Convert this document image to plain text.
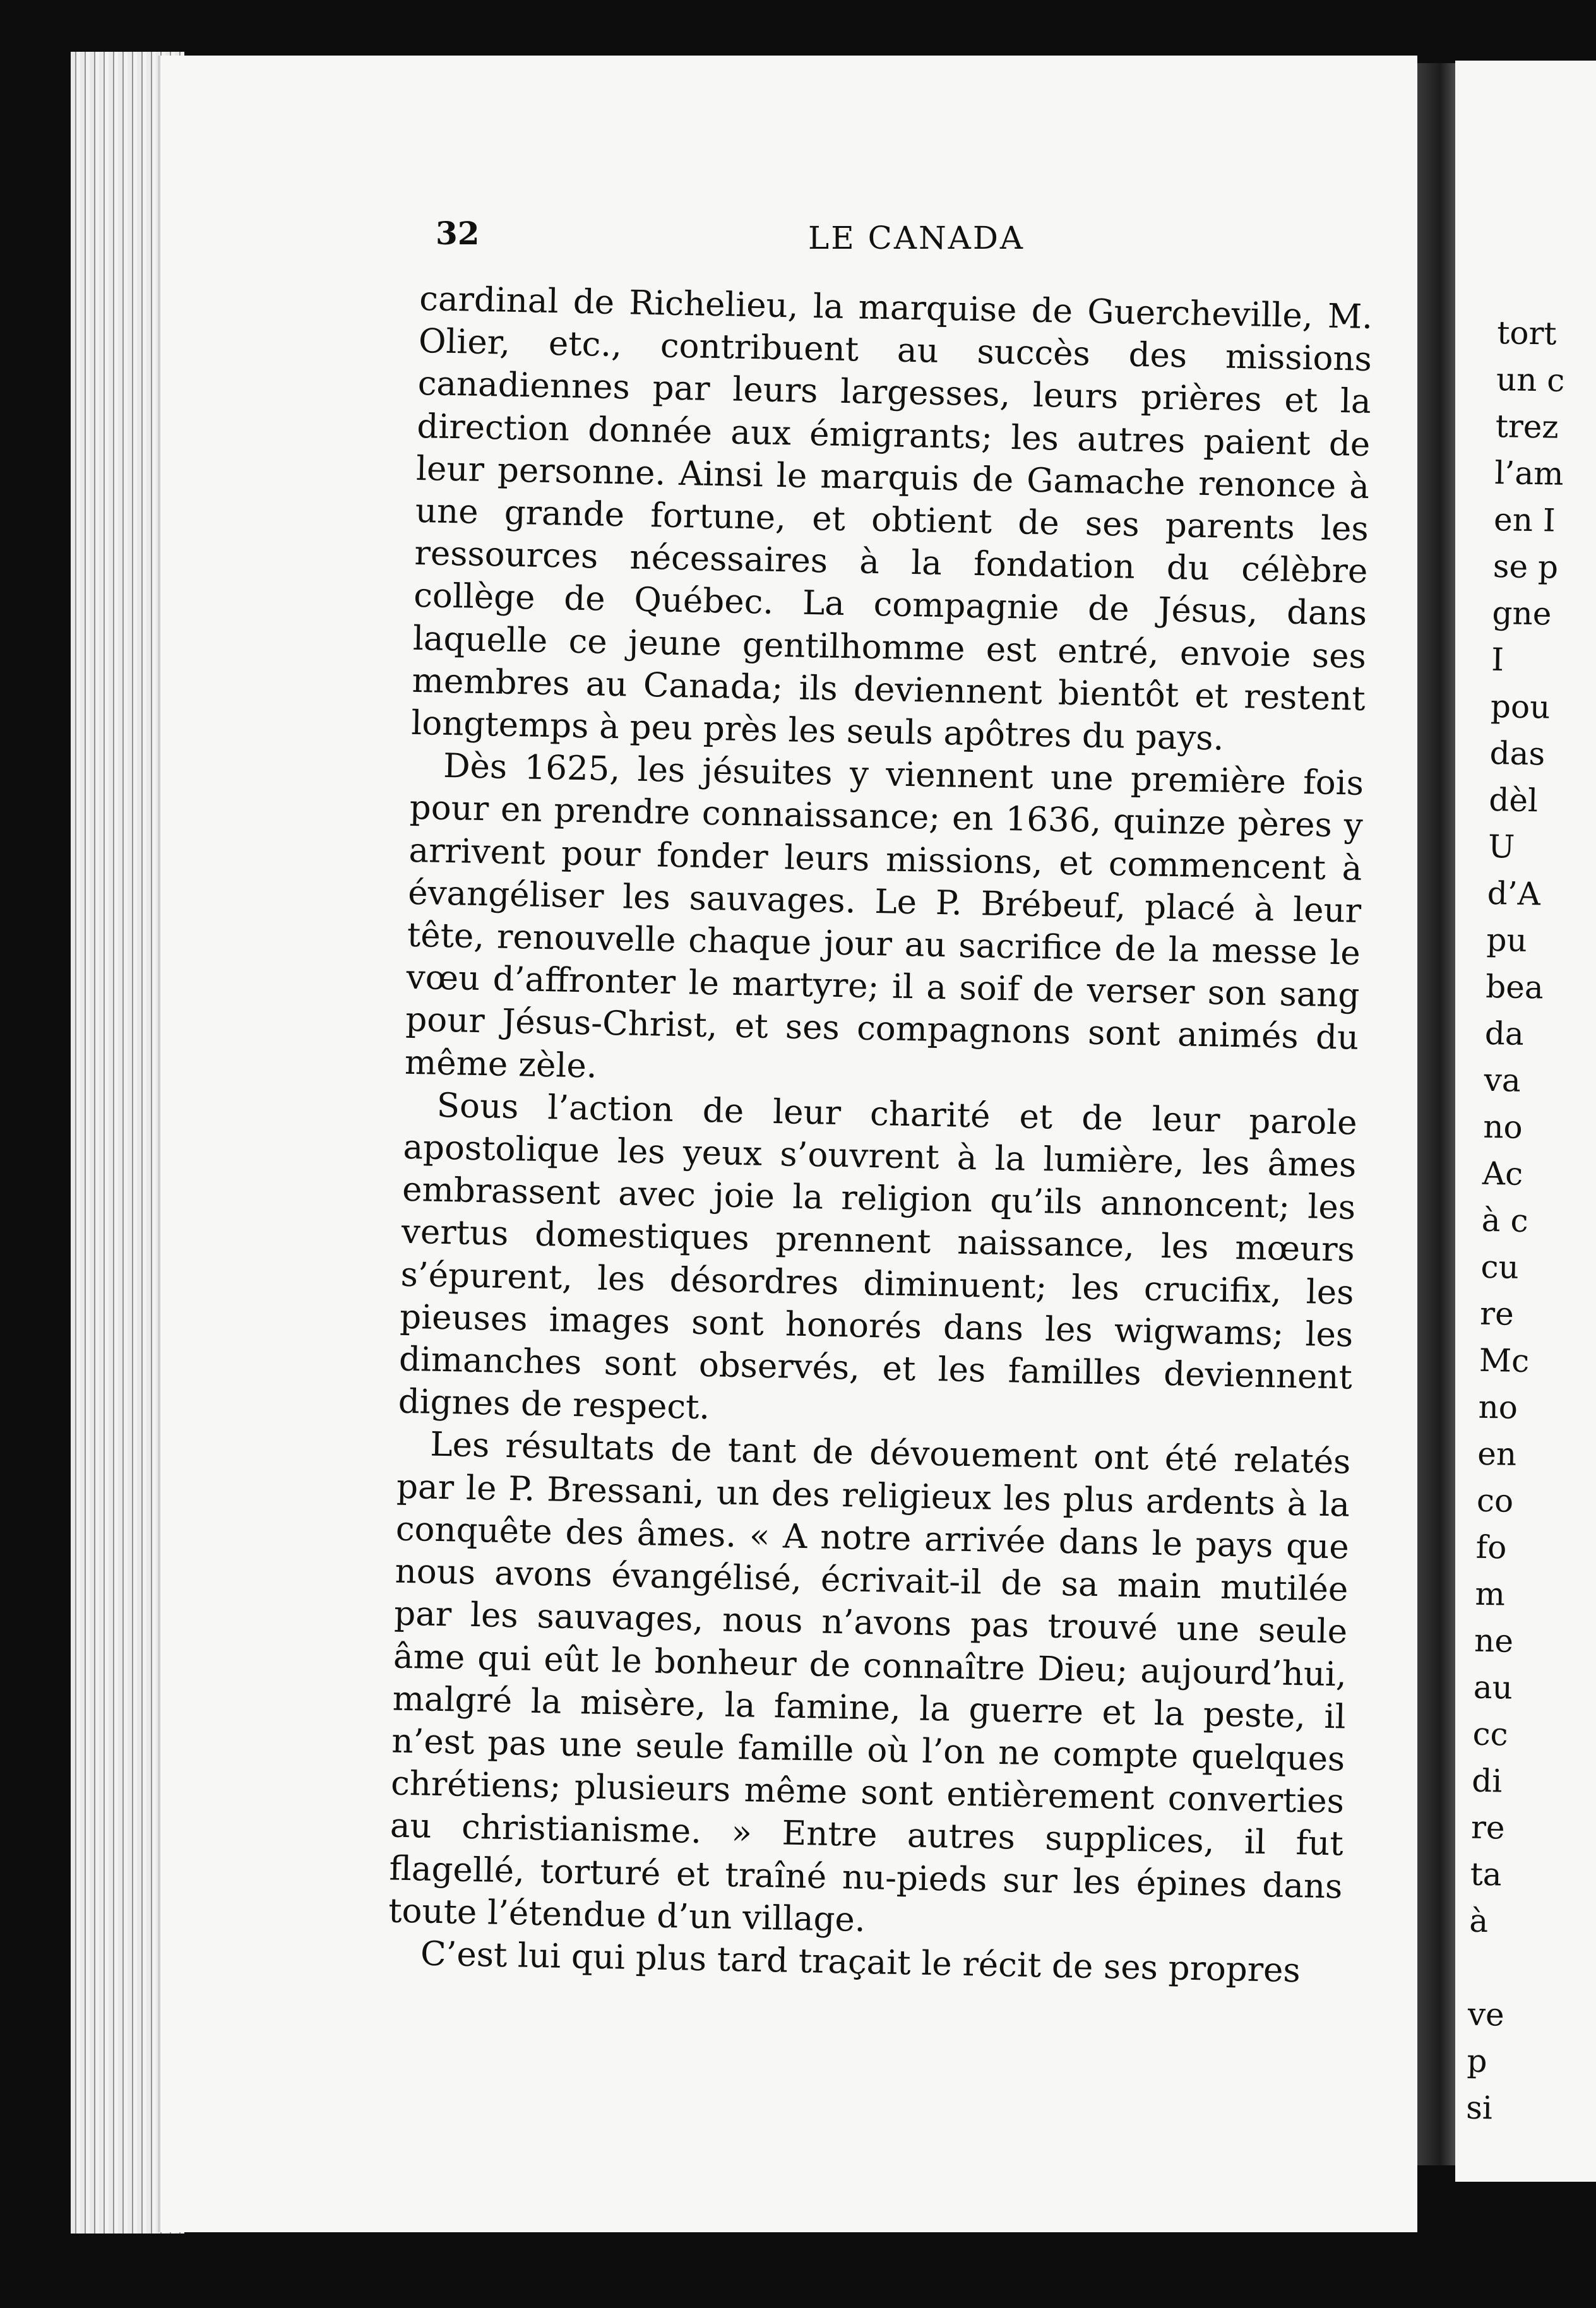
32	LE CANADA

cardinal de Richelieu, la marquise de Guercheville, M. Olier, etc., contribuent au succès des missions canadiennes par leurs largesses, leurs prières et la direction donnée aux émigrants; les autres paient de leur personne. Ainsi le marquis de Gamache renonce à une grande fortune, et obtient de ses parents les ressources nécessaires à la fondation du célèbre collège de Québec. La compagnie de Jésus, dans laquelle ce jeune gentilhomme est entré, envoie ses membres au Canada; ils deviennent bientôt et restent longtemps à peu près les seuls apôtres du pays.

Dès 1625, les jésuites y viennent une première fois pour en prendre connaissance; en 1636, quinze pères y arrivent pour fonder leurs missions, et commencent à évangéliser les sauvages. Le P. Brébeuf, placé à leur tête, renouvelle chaque jour au sacrifice de la messe le vœu d’affronter le martyre; il a soif de verser son sang pour Jésus-Christ, et ses compagnons sont animés du même zèle.

Sous l’action de leur charité et de leur parole apostolique les yeux s’ouvrent à la lumière, les âmes embrassent avec joie la religion qu’ils annoncent; les vertus domestiques prennent naissance, les mœurs s’épurent, les désordres diminuent; les crucifix, les pieuses images sont honorés dans les wigwams; les dimanches sont observés, et les familles deviennent dignes de respect.

Les résultats de tant de dévouement ont été relatés par le P. Bressani, un des religieux les plus ardents à la conquête des âmes. « A notre arrivée dans le pays que nous avons évangélisé, écrivait-il de sa main mutilée par les sauvages, nous n’avons pas trouvé une seule âme qui eût le bonheur de connaître Dieu; aujourd’hui, malgré la misère, la famine, la guerre et la peste, il n’est pas une seule famille où l’on ne compte quelques chrétiens; plusieurs même sont entièrement converties au christianisme. » Entre autres supplices, il fut flagellé, torturé et traîné nu-pieds sur les épines dans toute l’étendue d’un village.

C’est lui qui plus tard traçait le récit de ses propres

tort
un c
trez
l’am
en I
se p
gne
I
pou
das
dèl
U
d’A
pu
bea
da
va
no
Ac
à c
cu
re
Mc
no
en
co
fo
m
ne
au
cc
di
re
ta
à
ve
p
si
